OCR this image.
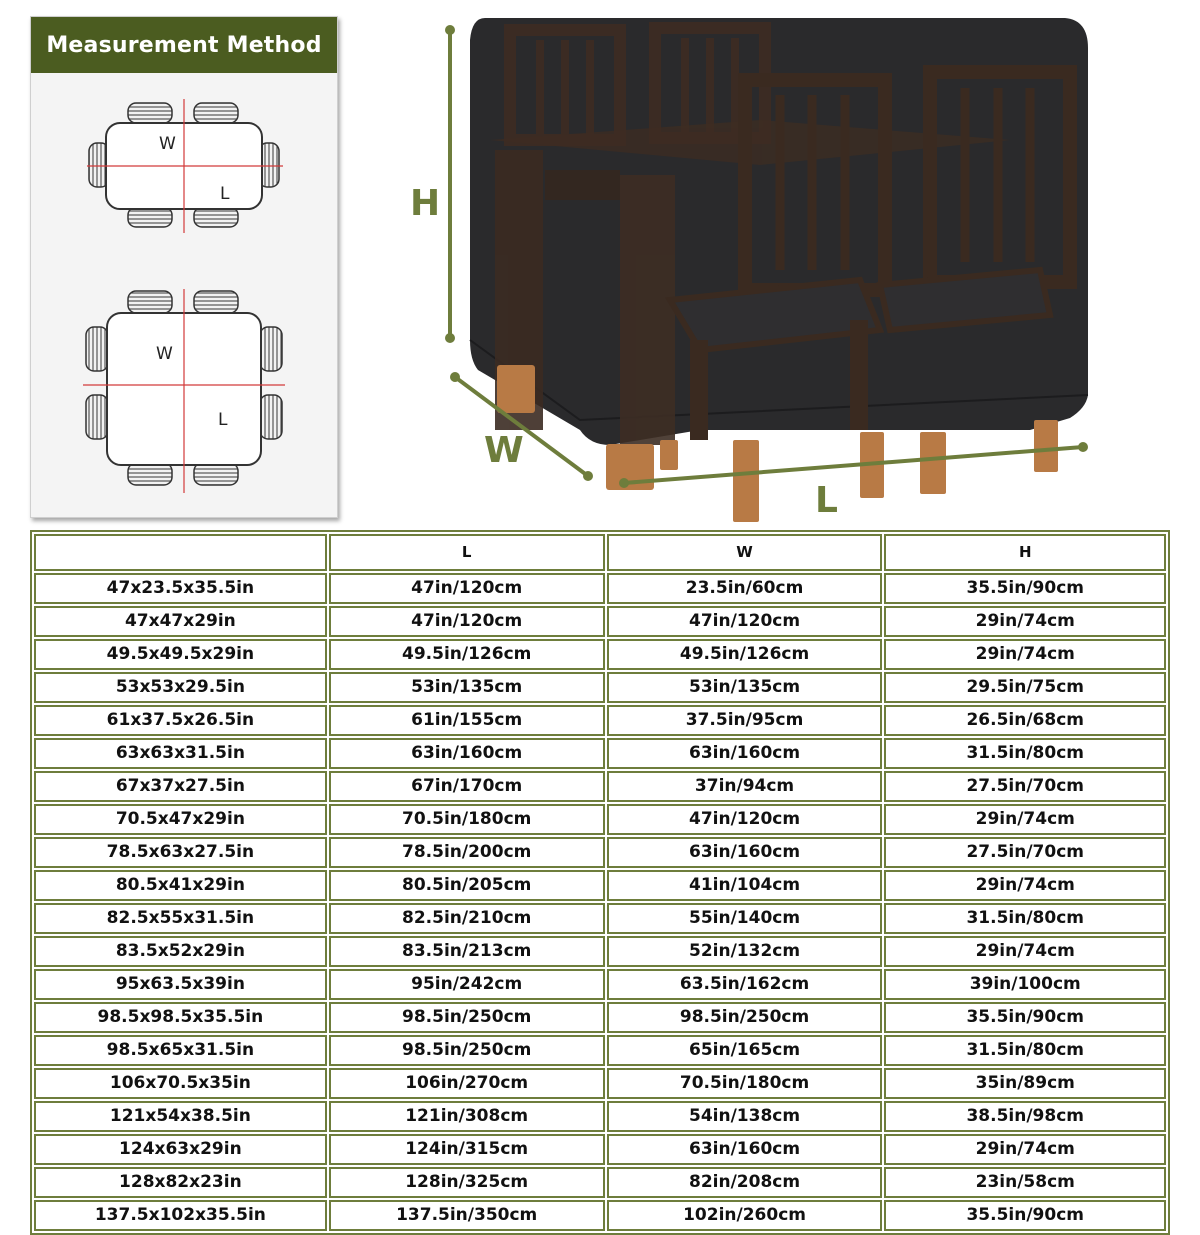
Measurement Method
W
L
W
L
H
W
L
	L	W	H
47x23.5x35.5in	47in/120cm	23.5in/60cm	35.5in/90cm
47x47x29in	47in/120cm	47in/120cm	29in/74cm
49.5x49.5x29in	49.5in/126cm	49.5in/126cm	29in/74cm
53x53x29.5in	53in/135cm	53in/135cm	29.5in/75cm
61x37.5x26.5in	61in/155cm	37.5in/95cm	26.5in/68cm
63x63x31.5in	63in/160cm	63in/160cm	31.5in/80cm
67x37x27.5in	67in/170cm	37in/94cm	27.5in/70cm
70.5x47x29in	70.5in/180cm	47in/120cm	29in/74cm
78.5x63x27.5in	78.5in/200cm	63in/160cm	27.5in/70cm
80.5x41x29in	80.5in/205cm	41in/104cm	29in/74cm
82.5x55x31.5in	82.5in/210cm	55in/140cm	31.5in/80cm
83.5x52x29in	83.5in/213cm	52in/132cm	29in/74cm
95x63.5x39in	95in/242cm	63.5in/162cm	39in/100cm
98.5x98.5x35.5in	98.5in/250cm	98.5in/250cm	35.5in/90cm
98.5x65x31.5in	98.5in/250cm	65in/165cm	31.5in/80cm
106x70.5x35in	106in/270cm	70.5in/180cm	35in/89cm
121x54x38.5in	121in/308cm	54in/138cm	38.5in/98cm
124x63x29in	124in/315cm	63in/160cm	29in/74cm
128x82x23in	128in/325cm	82in/208cm	23in/58cm
137.5x102x35.5in	137.5in/350cm	102in/260cm	35.5in/90cm
